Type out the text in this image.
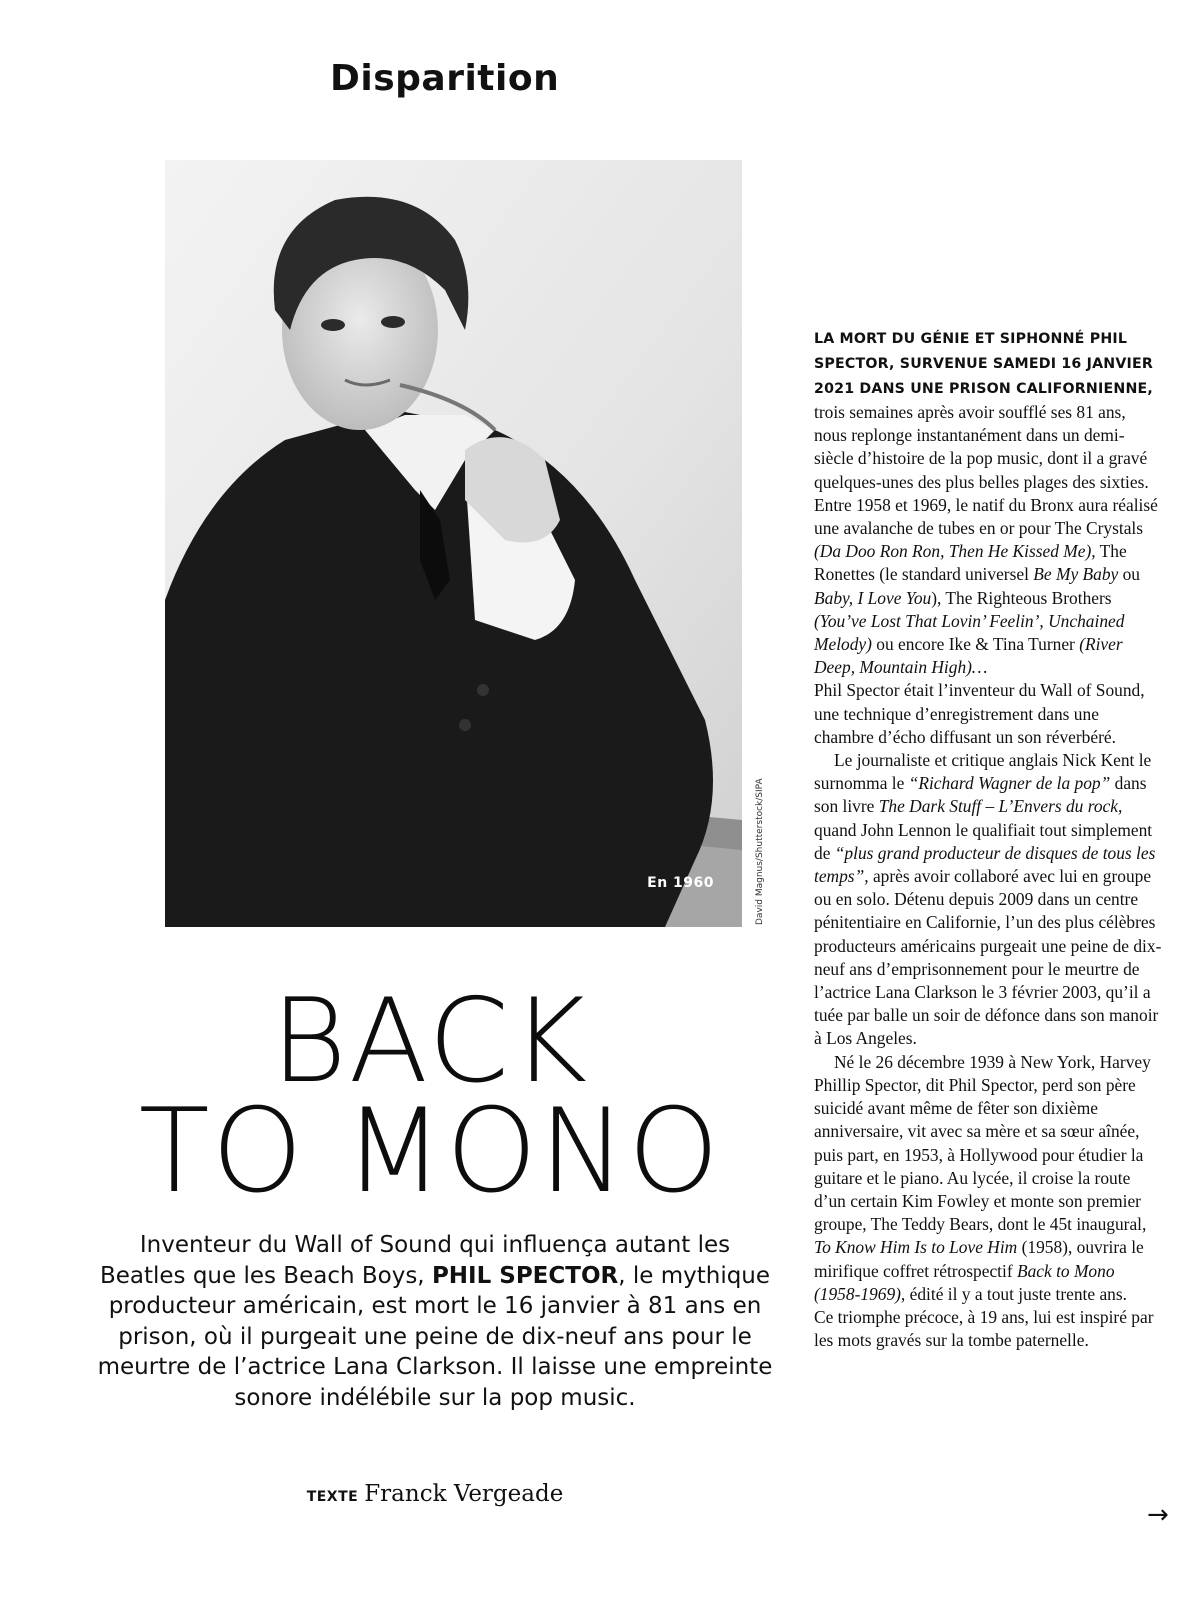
Disparition
En 1960	David Magnus/Shutterstock/SIPA
BACK
TO MONO
Inventeur du Wall of Sound qui influença autant les Beatles que les Beach Boys, PHIL SPECTOR, le mythique producteur américain, est mort le 16 janvier à 81 ans en prison, où il purgeait une peine de dix-neuf ans pour le meurtre de l’actrice Lana Clarkson. Il laisse une empreinte sonore indélébile sur la pop music.
TEXTE Franck Vergeade

LA MORT DU GÉNIE ET SIPHONNÉ PHIL SPECTOR, SURVENUE SAMEDI 16 JANVIER 2021 DANS UNE PRISON CALIFORNIENNE, trois semaines après avoir soufflé ses 81 ans, nous replonge instantanément dans un demi-siècle d’histoire de la pop music, dont il a gravé quelques-unes des plus belles plages des sixties. Entre 1958 et 1969, le natif du Bronx aura réalisé une avalanche de tubes en or pour The Crystals (Da Doo Ron Ron, Then He Kissed Me), The Ronettes (le standard universel Be My Baby ou Baby, I Love You), The Righteous Brothers (You’ve Lost That Lovin’ Feelin’, Unchained Melody) ou encore Ike & Tina Turner (River Deep, Mountain High)…

Phil Spector était l’inventeur du Wall of Sound, une technique d’enregistrement dans une chambre d’écho diffusant un son réverbéré.

Le journaliste et critique anglais Nick Kent le surnomma le “Richard Wagner de la pop” dans son livre The Dark Stuff – L’Envers du rock, quand John Lennon le qualifiait tout simplement de “plus grand producteur de disques de tous les temps”, après avoir collaboré avec lui en groupe ou en solo. Détenu depuis 2009 dans un centre pénitentiaire en Californie, l’un des plus célèbres producteurs américains purgeait une peine de dix-neuf ans d’emprisonnement pour le meurtre de l’actrice Lana Clarkson le 3 février 2003, qu’il a tuée par balle un soir de défonce dans son manoir à Los Angeles.

Né le 26 décembre 1939 à New York, Harvey Phillip Spector, dit Phil Spector, perd son père suicidé avant même de fêter son dixième anniversaire, vit avec sa mère et sa sœur aînée, puis part, en 1953, à Hollywood pour étudier la guitare et le piano. Au lycée, il croise la route d’un certain Kim Fowley et monte son premier groupe, The Teddy Bears, dont le 45t inaugural, To Know Him Is to Love Him (1958), ouvrira le mirifique coffret rétrospectif Back to Mono (1958-1969), édité il y a tout juste trente ans.

Ce triomphe précoce, à 19 ans, lui est inspiré par les mots gravés sur la tombe paternelle.

→
